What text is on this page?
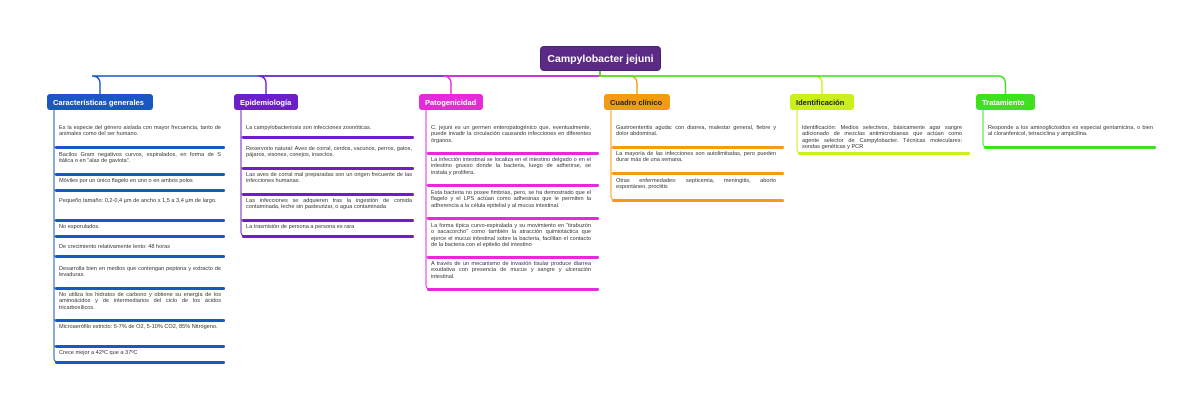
Campylobacter jejuni
Características generales
Es la especie del género aislada con mayor frecuencia, tanto de animales como del ser humano.
Bacilos Gram negativos curvos, espiralados, en forma de S itálica o en “alas de gaviota”.
Móviles por un único flagelo en uno o en ambos polos
Pequeño tamaño: 0,2-0,4 µm de ancho x 1,5 a 3,4 µm de largo.
No esporulados.
De crecimiento relativamente lento: 48 horas
Desarrolla bien en medios que contengan peptona y extracto de levaduras.
No utiliza los hidratos de carbono y obtiene su energía de los aminoácidos y de intermediarios del ciclo de los ácidos tricarboxílicos.
Microaerófilo estricto: 5-7% de O2, 5-10% CO2, 85% Nitrógeno.
Crece mejor a 42ºC que a 37ºC
Epidemiología
La campylobacteriosis son infecciones zoonóticas.
Reservorio natural: Aves de corral, cerdos, vacunos, perros, gatos, pájaros, visones, conejos, insectos.
Las aves de corral mal preparadas son un origen frecuente de las infecciones humanas.
Las infecciones se adquieren tras la ingestión de comida contaminada, leche sin pasteurizar, o agua contaminada
La trasmisión de persona a persona es rara
Patogenicidad
C. jejuni es un germen enteropatogénico que, eventualmente, puede invadir la circulación causando infecciones en diferentes órganos.
La infección intestinal se localiza en el intestino delgado o en el intestino grueso donde la bacteria, luego de adherirse, se instala y prolifera.
Esta bacteria no posee fimbrias, pero, se ha demostrado que el flagelo y el LPS actúan como adhesinas que le permiten la adherencia a la célula epitelial y al mucus intestinal.
La forma típica curvo-espiralada y su movimiento en “tirabuzón o sacacorcho” como también la atracción quimiotáctica que ejerce el mucus intestinal sobre la bacteria, facilitan el contacto de la bacteria con el epitelio del intestino
A través de un mecanismo de invasión tisular produce diarrea exudativa con presencia de mucus y sangre y ulceración intestinal.
Cuadro clínico
Gastroenteritis aguda: con diarrea, malestar general, fiebre y dolor abdominal.
La mayoría de las infecciones son autolimitadas, pero pueden durar más de una semana.
Otras enfermedades: septicemia, meningitis, aborto espontáneo, proctitis
Identificación
Identificación: Medios selectivos, básicamente agar sangre adicionado de mezclas antimicrobianas que actúan como agente selector de Campylobacter. Técnicas moleculares: sondas genéticas y PCR
Tratamiento
Responde a los aminoglicósidos es especial gentamicina, o bien al cloranfenicol, tetraciclina y ampicilina.
